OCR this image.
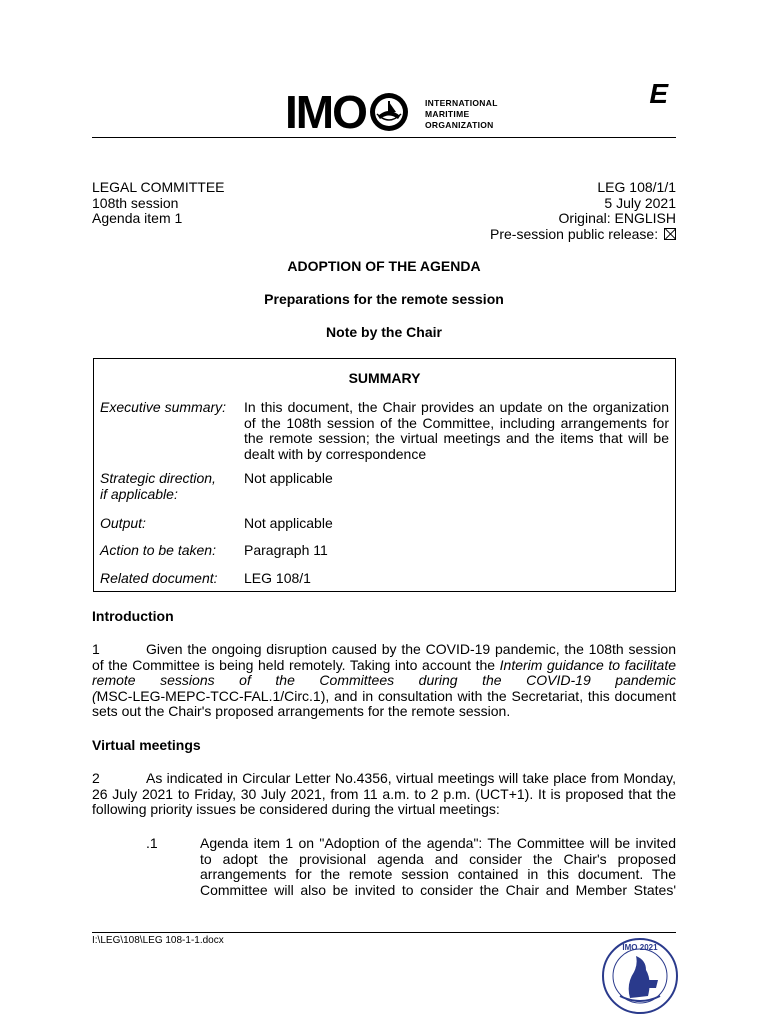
IMO	INTERNATIONAL
MARITIME
ORGANIZATION
E
LEGAL COMMITTEE
108th session
Agenda item 1
LEG 108/1/1
5 July 2021
Original: ENGLISH
Pre-session public release:
ADOPTION OF THE AGENDA
Preparations for the remote session
Note by the Chair
SUMMARY
Executive summary: In this document, the Chair provides an update on the organization
of the 108th session of the Committee, including arrangements for
the remote session; the virtual meetings and the items that will be
dealt with by correspondence
Strategic direction,
if applicable:
Not applicable
Output:	Not applicable
Action to be taken: Paragraph 11
Related document: LEG 108/1
Introduction
1	Given the ongoing disruption caused by the COVID-19 pandemic, the 108th session
of the Committee is being held remotely. Taking into account the Interim guidance to facilitate
remote sessions of the Committees during the COVID-19 pandemic
(MSC-LEG-MEPC-TCC-FAL.1/Circ.1), and in consultation with the Secretariat, this document
sets out the Chair's proposed arrangements for the remote session.
Virtual meetings
2	As indicated in Circular Letter No.4356, virtual meetings will take place from Monday,
26 July 2021 to Friday, 30 July 2021, from 11 a.m. to 2 p.m. (UCT+1). It is proposed that the
following priority issues be considered during the virtual meetings:
.1	Agenda item 1 on "Adoption of the agenda": The Committee will be invited
to adopt the provisional agenda and consider the Chair's proposed
arrangements for the remote session contained in this document. The
Committee will also be invited to consider the Chair and Member States'
I:\LEG\108\LEG 108-1-1.docx
IMO 2021
